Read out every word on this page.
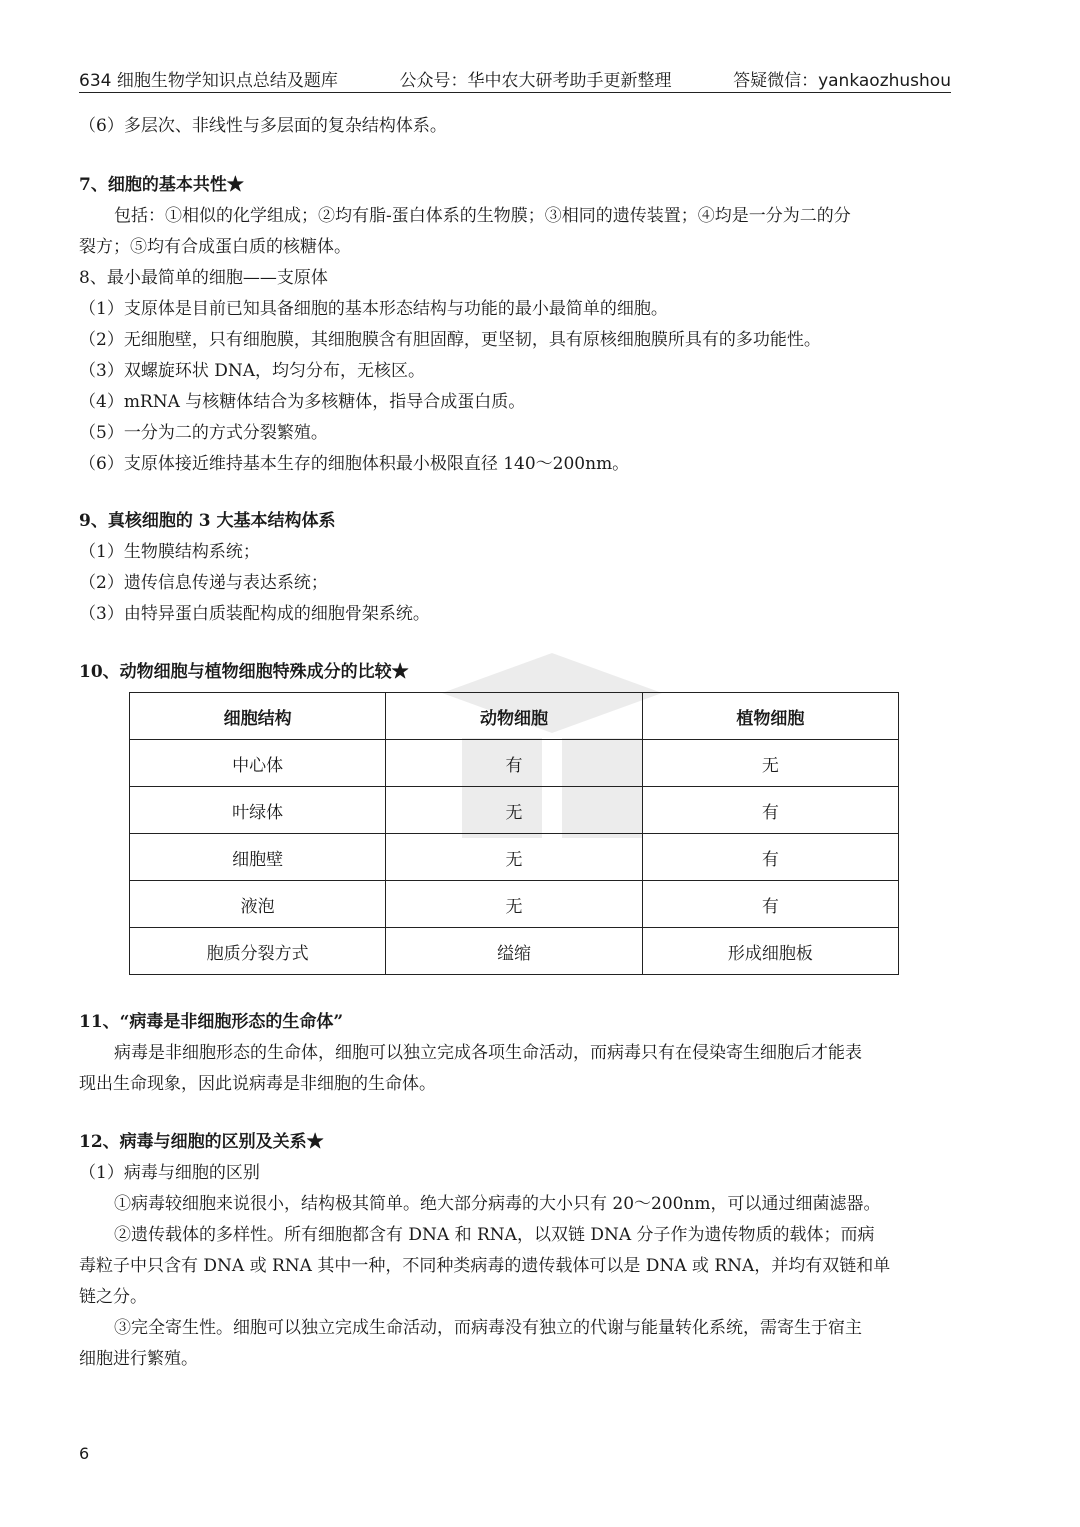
634 细胞生物学知识点总结及题库	公众号：华中农大研考助手更新整理	答疑微信：yankaozhushou
（6）多层次、非线性与多层面的复杂结构体系。
7、细胞的基本共性★
包括：①相似的化学组成；②均有脂-蛋白体系的生物膜；③相同的遗传装置；④均是一分为二的分
裂方；⑤均有合成蛋白质的核糖体。
8、最小最简单的细胞——支原体
（1）支原体是目前已知具备细胞的基本形态结构与功能的最小最简单的细胞。
（2）无细胞壁，只有细胞膜，其细胞膜含有胆固醇，更坚韧，具有原核细胞膜所具有的多功能性。
（3）双螺旋环状 DNA，均匀分布，无核区。
（4）mRNA 与核糖体结合为多核糖体，指导合成蛋白质。
（5）一分为二的方式分裂繁殖。
（6）支原体接近维持基本生存的细胞体积最小极限直径 140～200nm。
9、真核细胞的 3 大基本结构体系
（1）生物膜结构系统；
（2）遗传信息传递与表达系统；
（3）由特异蛋白质装配构成的细胞骨架系统。
10、动物细胞与植物细胞特殊成分的比较★
细胞结构	动物细胞	植物细胞
中心体	有	无
叶绿体	无	有
细胞壁	无	有
液泡	无	有
胞质分裂方式	缢缩	形成细胞板
11、“病毒是非细胞形态的生命体”
病毒是非细胞形态的生命体，细胞可以独立完成各项生命活动，而病毒只有在侵染寄生细胞后才能表
现出生命现象，因此说病毒是非细胞的生命体。
12、病毒与细胞的区别及关系★
（1）病毒与细胞的区别
①病毒较细胞来说很小，结构极其简单。绝大部分病毒的大小只有 20～200nm，可以通过细菌滤器。
②遗传载体的多样性。所有细胞都含有 DNA 和 RNA，以双链 DNA 分子作为遗传物质的载体；而病
毒粒子中只含有 DNA 或 RNA 其中一种，不同种类病毒的遗传载体可以是 DNA 或 RNA，并均有双链和单
链之分。
③完全寄生性。细胞可以独立完成生命活动，而病毒没有独立的代谢与能量转化系统，需寄生于宿主
细胞进行繁殖。
6
